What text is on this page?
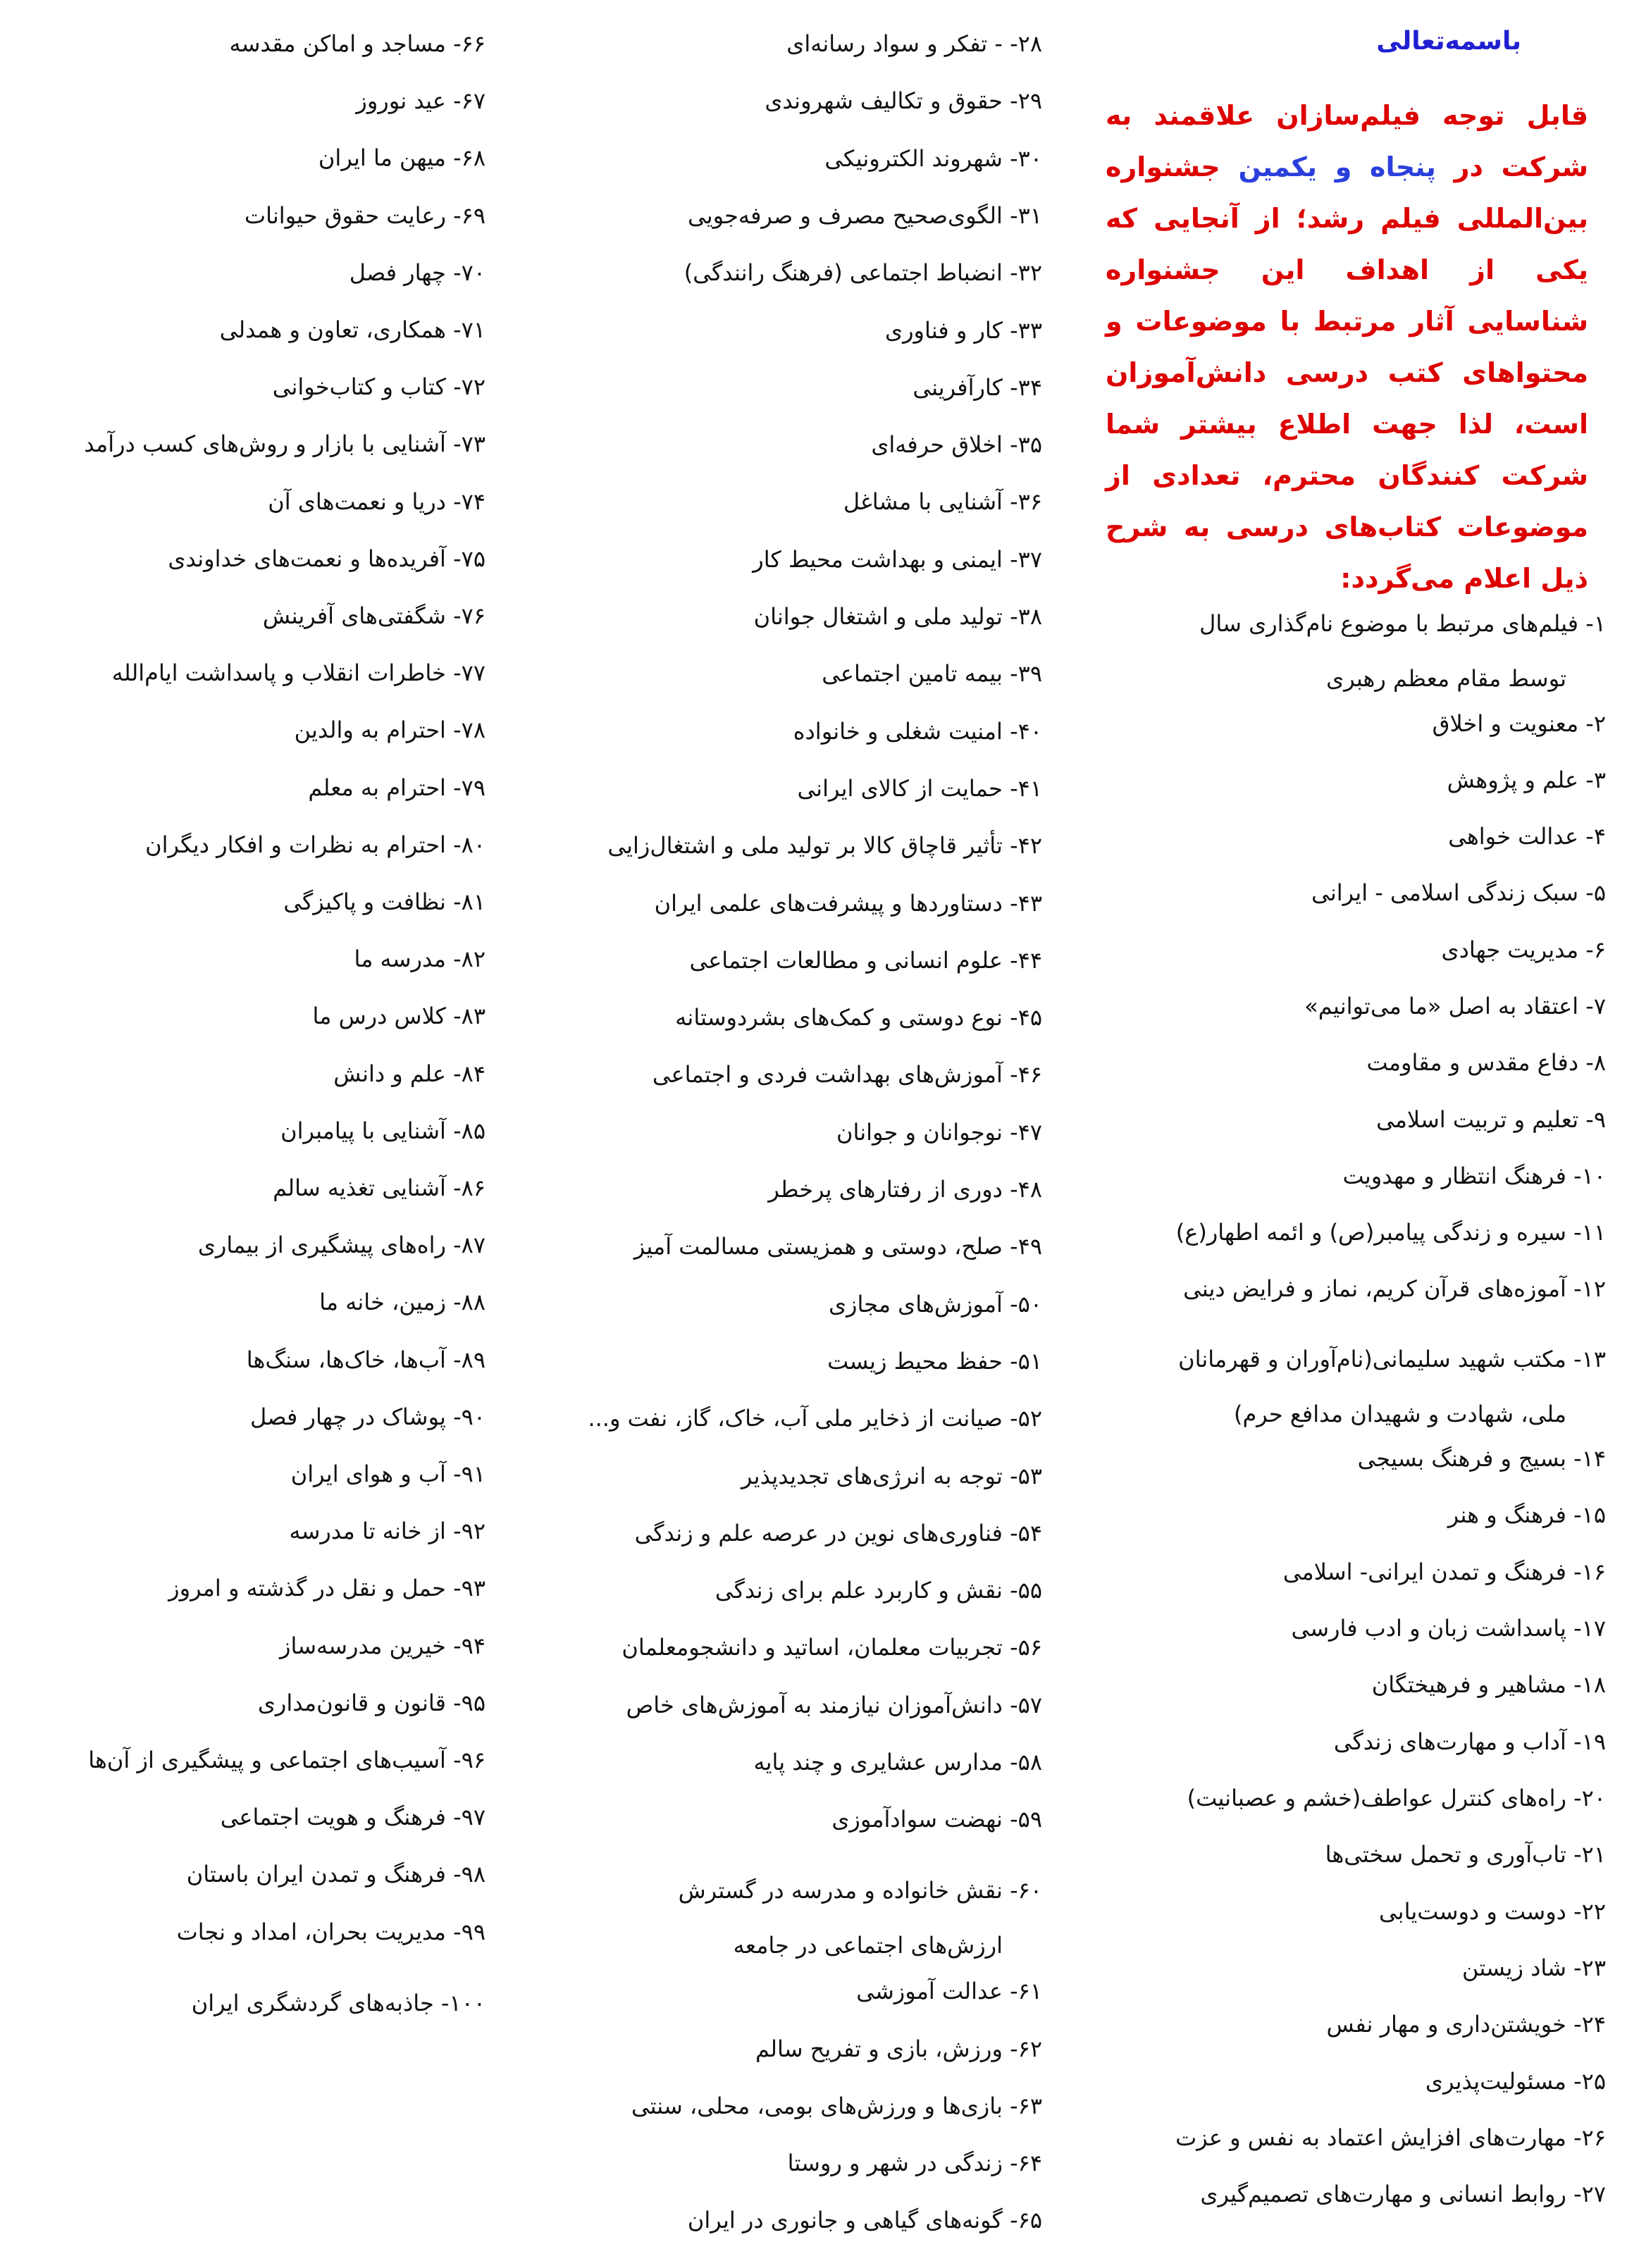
باسمه‌تعالی
قابل توجه فیلم‌سازان علاقمند به شرکت در پنجاه و یکمین جشنواره بین‌المللی فیلم رشد؛ از آنجایی که یکی از اهداف این جشنواره شناسایی آثار مرتبط با موضوعات و محتواهای کتب درسی دانش‌آموزان است، لذا جهت اطلاع بیشتر شما شرکت کنندگان محترم، تعدادی از موضوعات کتاب‌های درسی به شرح ذیل اعلام می‌گردد:
۱- فیلم‌های مرتبط با موضوع نام‌گذاری سال
توسط مقام معظم رهبری
۲- معنویت و اخلاق
۳- علم و پژوهش
۴- عدالت خواهی
۵- سبک زندگی اسلامی - ایرانی
۶- مدیریت جهادی
۷- اعتقاد به اصل «ما می‌توانیم»
۸- دفاع مقدس و مقاومت
۹- تعلیم و تربیت اسلامی
۱۰- فرهنگ انتظار و مهدویت
۱۱- سیره و زندگی پیامبر(ص) و ائمه اطهار(ع)
۱۲- آموزه‌های قرآن کریم، نماز و فرایض دینی
۱۳- مکتب شهید سلیمانی(نام‌آوران و قهرمانان
ملی، شهادت و شهیدان مدافع حرم)
۱۴- بسیج و فرهنگ بسیجی
۱۵- فرهنگ و هنر
۱۶- فرهنگ و تمدن ایرانی- اسلامی
۱۷- پاسداشت زبان و ادب فارسی
۱۸- مشاهیر و فرهیختگان
۱۹- آداب و مهارت‌های زندگی
۲۰- راه‌های کنترل عواطف(خشم و عصبانیت)
۲۱- تاب‌آوری و تحمل سختی‌ها
۲۲- دوست و دوست‌یابی
۲۳- شاد زیستن
۲۴- خویشتن‌داری و مهار نفس
۲۵- مسئولیت‌پذیری
۲۶- مهارت‌های افزایش اعتماد به نفس و عزت
۲۷- روابط انسانی و مهارت‌های تصمیم‌گیری
۲۸- - تفکر و سواد رسانه‌ای
۲۹- حقوق و تکالیف شهروندی
۳۰- شهروند الکترونیکی
۳۱- الگوی‌صحیح مصرف و صرفه‌جویی
۳۲- انضباط اجتماعی (فرهنگ رانندگی)
۳۳- کار و فناوری
۳۴- کارآفرینی
۳۵- اخلاق حرفه‌ای
۳۶- آشنایی با مشاغل
۳۷- ایمنی و بهداشت محیط کار
۳۸- تولید ملی و اشتغال جوانان
۳۹- بیمه تامین اجتماعی
۴۰- امنیت شغلی و خانواده
۴۱- حمایت از کالای ایرانی
۴۲- تأثیر قاچاق کالا بر تولید ملی و اشتغال‌زایی
۴۳- دستاوردها و پیشرفت‌های علمی ایران
۴۴- علوم انسانی و مطالعات اجتماعی
۴۵- نوع دوستی و کمک‌های بشردوستانه
۴۶- آموزش‌های بهداشت فردی و اجتماعی
۴۷- نوجوانان و جوانان
۴۸- دوری از رفتارهای پرخطر
۴۹- صلح، دوستی و همزیستی مسالمت آمیز
۵۰- آموزش‌های مجازی
۵۱- حفظ محیط زیست
۵۲- صیانت از ذخایر ملی آب، خاک، گاز، نفت و...
۵۳- توجه به انرژی‌های تجدیدپذیر
۵۴- فناوری‌های نوین در عرصه علم و زندگی
۵۵- نقش و کاربرد علم برای زندگی
۵۶- تجربیات معلمان، اساتید و دانشجومعلمان
۵۷- دانش‌آموزان نیازمند به آموزش‌های خاص
۵۸- مدارس عشایری و چند پایه
۵۹- نهضت سوادآموزی
۶۰- نقش خانواده و مدرسه در گسترش
ارزش‌های اجتماعی در جامعه
۶۱- عدالت آموزشی
۶۲- ورزش، بازی و تفریح سالم
۶۳- بازی‌ها و ورزش‌های بومی، محلی، سنتی
۶۴- زندگی در شهر و روستا
۶۵- گونه‌های گیاهی و جانوری در ایران
۶۶- مساجد و اماکن مقدسه
۶۷- عید نوروز
۶۸- میهن ما ایران
۶۹- رعایت حقوق حیوانات
۷۰- چهار فصل
۷۱- همکاری، تعاون و همدلی
۷۲- کتاب و کتاب‌خوانی
۷۳- آشنایی با بازار و روش‌های کسب درآمد
۷۴- دریا و نعمت‌های آن
۷۵- آفریده‌ها و نعمت‌های خداوندی
۷۶- شگفتی‌های آفرینش
۷۷- خاطرات انقلاب و پاسداشت ایام‌الله
۷۸- احترام به والدین
۷۹- احترام به معلم
۸۰- احترام به نظرات و افکار دیگران
۸۱- نظافت و پاکیزگی
۸۲- مدرسه ما
۸۳- کلاس درس ما
۸۴- علم و دانش
۸۵- آشنایی با پیامبران
۸۶- آشنایی تغذیه سالم
۸۷- راه‌های پیشگیری از بیماری
۸۸- زمین، خانه ما
۸۹- آب‌ها، خاک‌ها، سنگ‌ها
۹۰- پوشاک در چهار فصل
۹۱- آب و هوای ایران
۹۲- از خانه تا مدرسه
۹۳- حمل و نقل در گذشته و امروز
۹۴- خیرین مدرسه‌ساز
۹۵- قانون و قانون‌مداری
۹۶- آسیب‌های اجتماعی و پیشگیری از آن‌ها
۹۷- فرهنگ و هویت اجتماعی
۹۸- فرهنگ و تمدن ایران باستان
۹۹- مدیریت بحران، امداد و نجات
۱۰۰- جاذبه‌های گردشگری ایران
